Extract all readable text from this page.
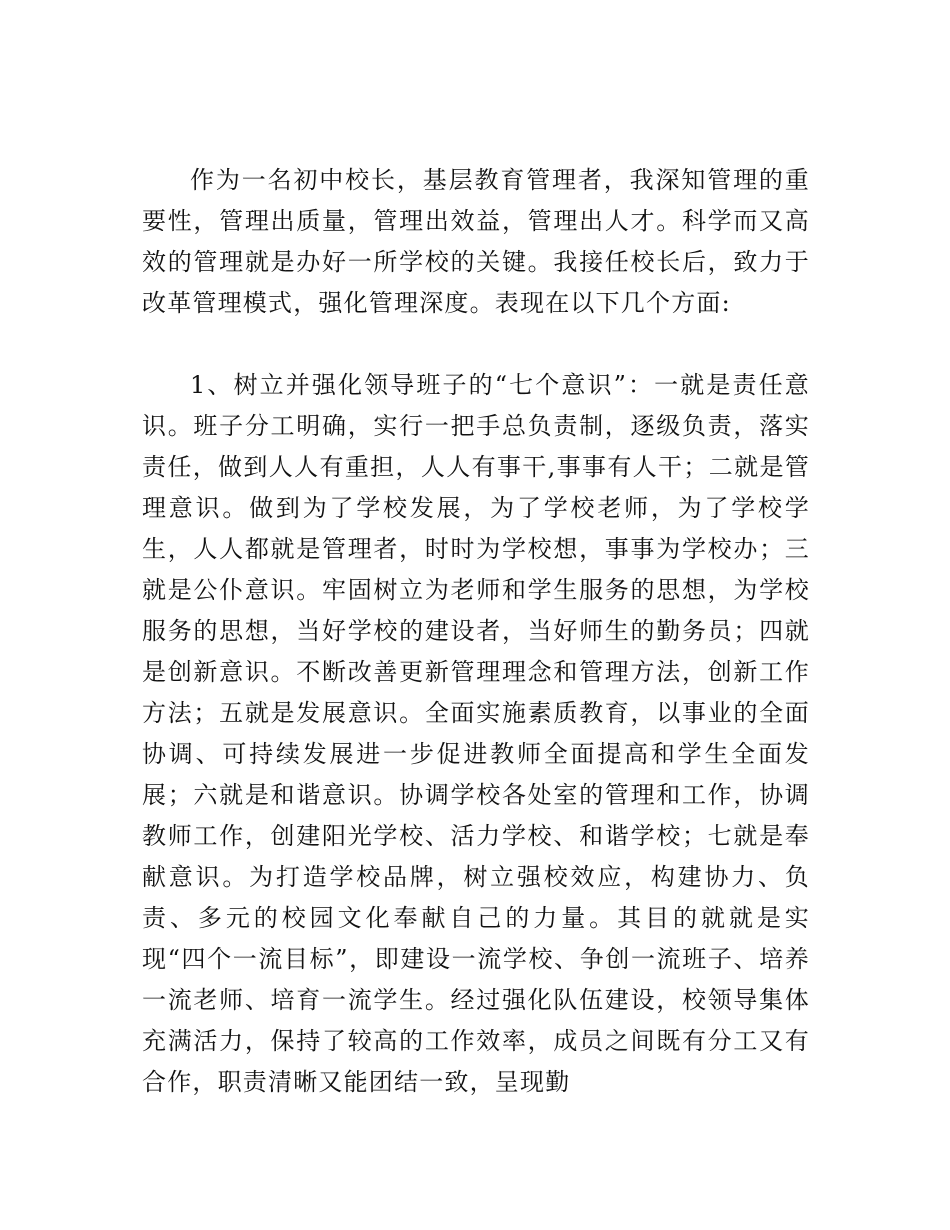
作为一名初中校长，基层教育管理者，我深知管理的重要性，管理出质量，管理出效益，管理出人才。科学而又高效的管理就是办好一所学校的关键。我接任校长后，致力于改革管理模式，强化管理深度。表现在以下几个方面:

1、树立并强化领导班子的“七个意识”：一就是责任意识。班子分工明确，实行一把手总负责制，逐级负责，落实责任，做到人人有重担，人人有事干,事事有人干；二就是管理意识。做到为了学校发展，为了学校老师，为了学校学生，人人都就是管理者，时时为学校想，事事为学校办；三就是公仆意识。牢固树立为老师和学生服务的思想，为学校服务的思想，当好学校的建设者，当好师生的勤务员；四就是创新意识。不断改善更新管理理念和管理方法，创新工作方法；五就是发展意识。全面实施素质教育，以事业的全面协调、可持续发展进一步促进教师全面提高和学生全面发展；六就是和谐意识。协调学校各处室的管理和工作，协调教师工作，创建阳光学校、活力学校、和谐学校；七就是奉献意识。为打造学校品牌，树立强校效应，构建协力、负责、多元的校园文化奉献自己的力量。其目的就就是实现“四个一流目标”，即建设一流学校、争创一流班子、培养一流老师、培育一流学生。经过强化队伍建设，校领导集体充满活力，保持了较高的工作效率，成员之间既有分工又有合作，职责清晰又能团结一致，呈现勤
